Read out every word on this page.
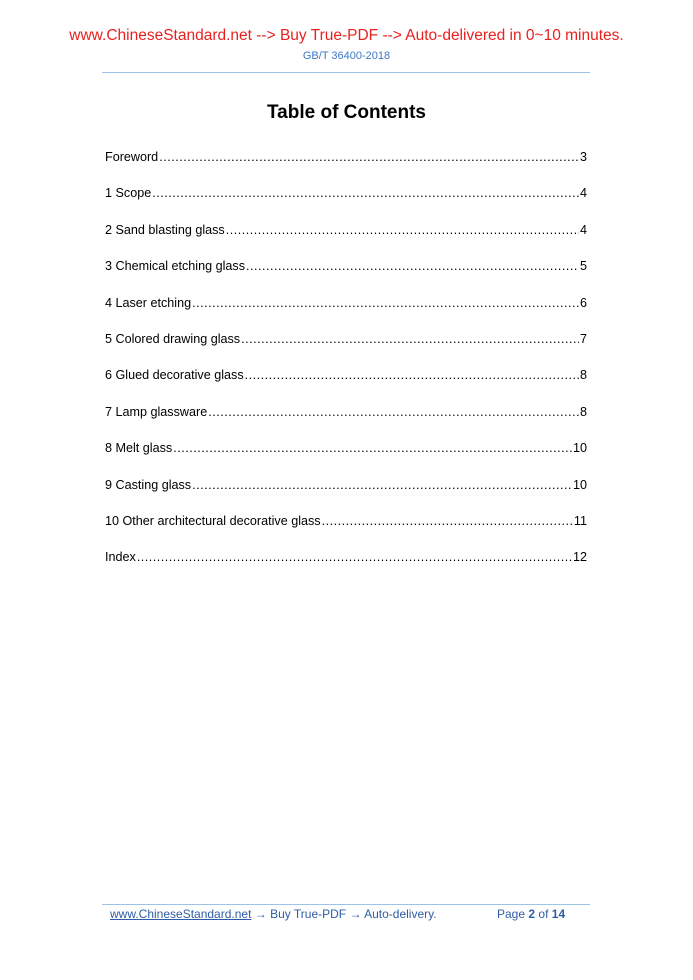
www.ChineseStandard.net --> Buy True-PDF --> Auto-delivered in 0~10 minutes.
GB/T 36400-2018
Table of Contents
Foreword .....	3
1 Scope .....	4
2 Sand blasting glass .....	4
3 Chemical etching glass .....	5
4 Laser etching .....	6
5 Colored drawing glass .....	7
6 Glued decorative glass .....	8
7 Lamp glassware .....	8
8 Melt glass .....	10
9 Casting glass .....	10
10 Other architectural decorative glass .....	11
Index .....	12
www.ChineseStandard.net → Buy True-PDF → Auto-delivery.	Page 2 of 14
